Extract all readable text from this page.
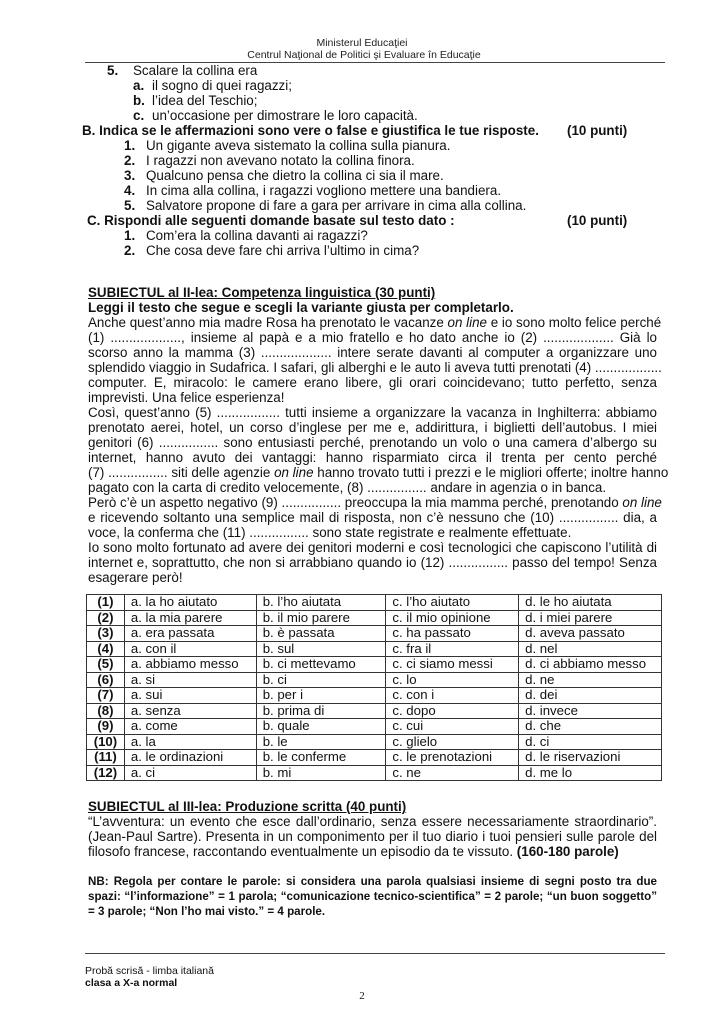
Ministerul Educaţiei
Centrul Naţional de Politici şi Evaluare în Educaţie
5. Scalare la collina era
a. il sogno di quei ragazzi;
b. l’idea del Teschio;
c. un’occasione per dimostrare le loro capacità.
B. Indica se le affermazioni sono vere o false e giustifica le tue risposte. (10 punti)
1. Un gigante aveva sistemato la collina sulla pianura.
2. I ragazzi non avevano notato la collina finora.
3. Qualcuno pensa che dietro la collina ci sia il mare.
4. In cima alla collina, i ragazzi vogliono mettere una bandiera.
5. Salvatore propone di fare a gara per arrivare in cima alla collina.
C. Rispondi alle seguenti domande basate sul testo dato :	(10 punti)
1. Com’era la collina davanti ai ragazzi?
2. Che cosa deve fare chi arriva l’ultimo in cima?
SUBIECTUL al II-lea: Competenza linguistica (30 punti)
Leggi il testo che segue e scegli la variante giusta per completarlo.
Anche quest’anno mia madre Rosa ha prenotato le vacanze on line e io sono molto felice perché
(1) ..................., insieme al papà e a mio fratello e ho dato anche io (2) ................... Già lo
scorso anno la mamma (3) ................... intere serate davanti al computer a organizzare uno
splendido viaggio in Sudafrica. I safari, gli alberghi e le auto li aveva tutti prenotati (4) ..................
computer. E, miracolo: le camere erano libere, gli orari coincidevano; tutto perfetto, senza
imprevisti. Una felice esperienza!
Così, quest’anno (5) ................. tutti insieme a organizzare la vacanza in Inghilterra: abbiamo
prenotato aerei, hotel, un corso d’inglese per me e, addirittura, i biglietti dell’autobus. I miei
genitori (6) ................ sono entusiasti perché, prenotando un volo o una camera d’albergo su
internet, hanno avuto dei vantaggi: hanno risparmiato circa il trenta per cento perché
(7) ................ siti delle agenzie on line hanno trovato tutti i prezzi e le migliori offerte; inoltre hanno
pagato con la carta di credito velocemente, (8) ................ andare in agenzia o in banca.
Però c’è un aspetto negativo (9) ................ preoccupa la mia mamma perché, prenotando on line
e ricevendo soltanto una semplice mail di risposta, non c’è nessuno che (10) ................ dia, a
voce, la conferma che (11) ................ sono state registrate e realmente effettuate.
Io sono molto fortunato ad avere dei genitori moderni e così tecnologici che capiscono l’utilità di
internet e, soprattutto, che non si arrabbiano quando io (12) ................ passo del tempo! Senza
esagerare però!
(1)	a. la ho aiutato	b. l’ho aiutata	c. l’ho aiutato	d. le ho aiutata
(2)	a. la mia parere	b. il mio parere	c. il mio opinione	d. i miei parere
(3)	a. era passata	b. è passata	c. ha passato	d. aveva passato
(4)	a. con il	b. sul	c. fra il	d. nel
(5)	a. abbiamo messo	b. ci mettevamo	c. ci siamo messi	d. ci abbiamo messo
(6)	a. si	b. ci	c. lo	d. ne
(7)	a. sui	b. per i	c. con i	d. dei
(8)	a. senza	b. prima di	c. dopo	d. invece
(9)	a. come	b. quale	c. cui	d. che
(10)	a. la	b. le	c. glielo	d. ci
(11)	a. le ordinazioni	b. le conferme	c. le prenotazioni	d. le riservazioni
(12)	a. ci	b. mi	c. ne	d. me lo
SUBIECTUL al III-lea: Produzione scritta (40 punti)
“L’avventura: un evento che esce dall’ordinario, senza essere necessariamente straordinario”.
(Jean-Paul Sartre). Presenta in un componimento per il tuo diario i tuoi pensieri sulle parole del
filosofo francese, raccontando eventualmente un episodio da te vissuto. (160-180 parole)
NB: Regola per contare le parole: si considera una parola qualsiasi insieme di segni posto tra due spazi: “l’informazione” = 1 parola; “comunicazione tecnico-scientifica” = 2 parole; “un buon soggetto” = 3 parole; “Non l’ho mai visto.” = 4 parole.
Probă scrisă - limba italiană
clasa a X-a normal
2
